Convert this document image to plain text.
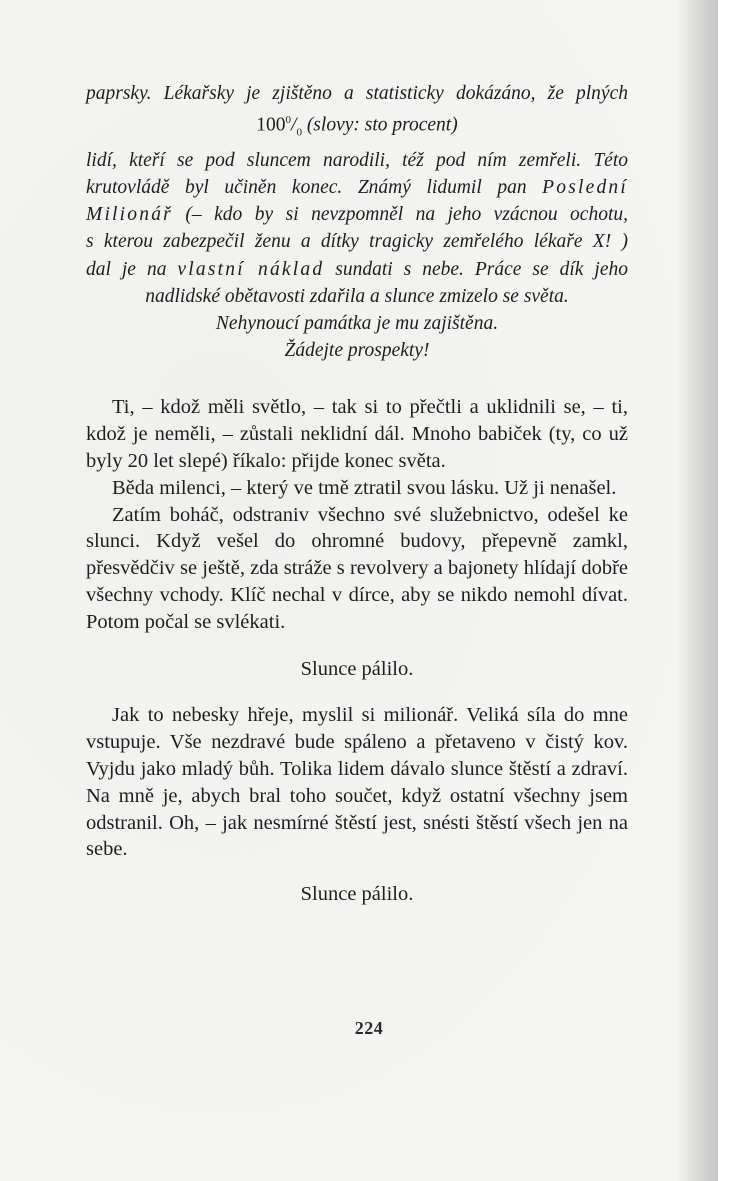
paprsky. Lékařsky je zjištěno a statisticky dokázáno, že plných
$100^0/_0$ (slovy: sto procent)
lidí, kteří se pod sluncem narodili, též pod ním zemřeli. Této
krutovládě byl učiněn konec. Známý lidumil pan Poslední
Milionář (– kdo by si nevzpomněl na jeho vzácnou ochotu,
s kterou zabezpečil ženu a dítky tragicky zemřelého lékaře X! )
dal je na vlastní náklad sundati s nebe. Práce se dík jeho
nadlidské obětavosti zdařila a slunce zmizelo se světa.
Nehynoucí památka je mu zajištěna.
Žádejte prospekty!

Ti, – kdož měli světlo, – tak si to přečtli a uklidnili se, – ti, kdož je neměli, – zůstali neklidní dál. Mnoho babiček (ty, co už byly 20 let slepé) říkalo: přijde konec světa.

Běda milenci, – který ve tmě ztratil svou lásku. Už ji nenašel.

Zatím boháč, odstraniv všechno své služebnictvo, odešel ke slunci. Když vešel do ohromné budovy, přepevně zamkl, přesvědčiv se ještě, zda stráže s revolvery a bajonety hlídají dobře všechny vchody. Klíč nechal v dírce, aby se nikdo nemohl dívat. Potom počal se svlékati.

Slunce pálilo.

Jak to nebesky hřeje, myslil si milionář. Veliká síla do mne vstupuje. Vše nezdravé bude spáleno a přetaveno v čistý kov. Vyjdu jako mladý bůh. Tolika lidem dávalo slunce štěstí a zdraví. Na mně je, abych bral toho součet, když ostatní všechny jsem odstranil. Oh, – jak nesmírné štěstí jest, snésti štěstí všech jen na sebe.

Slunce pálilo.

224
